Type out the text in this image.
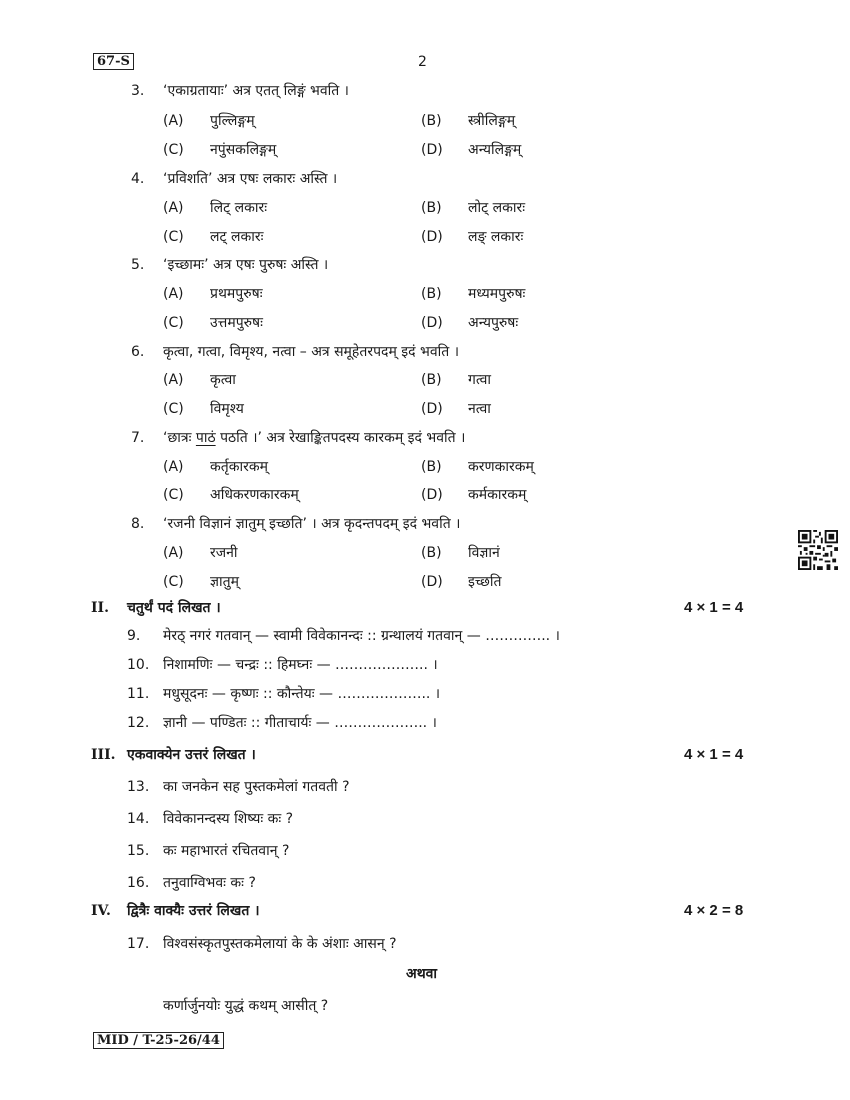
67-S	2
3. ‘एकाग्रतायाः’ अत्र एतत् लिङ्गं भवति ।
(A) पुल्लिङ्गम्	(B) स्त्रीलिङ्गम्
(C) नपुंसकलिङ्गम्	(D) अन्यलिङ्गम्
4. ‘प्रविशति’ अत्र एषः लकारः अस्ति ।
(A) लिट् लकारः	(B) लोट् लकारः
(C) लट् लकारः	(D) लङ् लकारः
5. ‘इच्छामः’ अत्र एषः पुरुषः अस्ति ।
(A) प्रथमपुरुषः	(B) मध्यमपुरुषः
(C) उत्तमपुरुषः	(D) अन्यपुरुषः
6. कृत्वा, गत्वा, विमृश्य, नत्वा – अत्र समूहेतरपदम् इदं भवति ।
(A) कृत्वा	(B) गत्वा
(C) विमृश्य	(D) नत्वा
7. ‘छात्रः पाठं पठति ।’ अत्र रेखाङ्कितपदस्य कारकम् इदं भवति ।
(A) कर्तृकारकम्	(B) करणकारकम्
(C) अधिकरणकारकम्	(D) कर्मकारकम्
8. ‘रजनी विज्ञानं ज्ञातुम् इच्छति’ । अत्र कृदन्तपदम् इदं भवति ।
(A) रजनी	(B) विज्ञानं
(C) ज्ञातुम्	(D) इच्छति
II. चतुर्थं पदं लिखत ।	4 × 1 = 4
9. मेरठ् नगरं गतवान् — स्वामी विवेकानन्दः :: ग्रन्थालयं गतवान् — ………….. ।
10. निशामणिः — चन्द्रः :: हिमघ्नः — ……………….. ।
11. मधुसूदनः — कृष्णः :: कौन्तेयः — ……………….. ।
12. ज्ञानी — पण्डितः :: गीताचार्यः — ……………….. ।
III. एकवाक्येन उत्तरं लिखत ।	4 × 1 = 4
13. का जनकेन सह पुस्तकमेलां गतवती ?
14. विवेकानन्दस्य शिष्यः कः ?
15. कः महाभारतं रचितवान् ?
16. तनुवाग्विभवः कः ?
IV. द्वित्रैः वाक्यैः उत्तरं लिखत ।	4 × 2 = 8
17. विश्वसंस्कृतपुस्तकमेलायां के के अंशाः आसन् ?
अथवा
कर्णार्जुनयोः युद्धं कथम् आसीत् ?
MID / T-25-26/44
